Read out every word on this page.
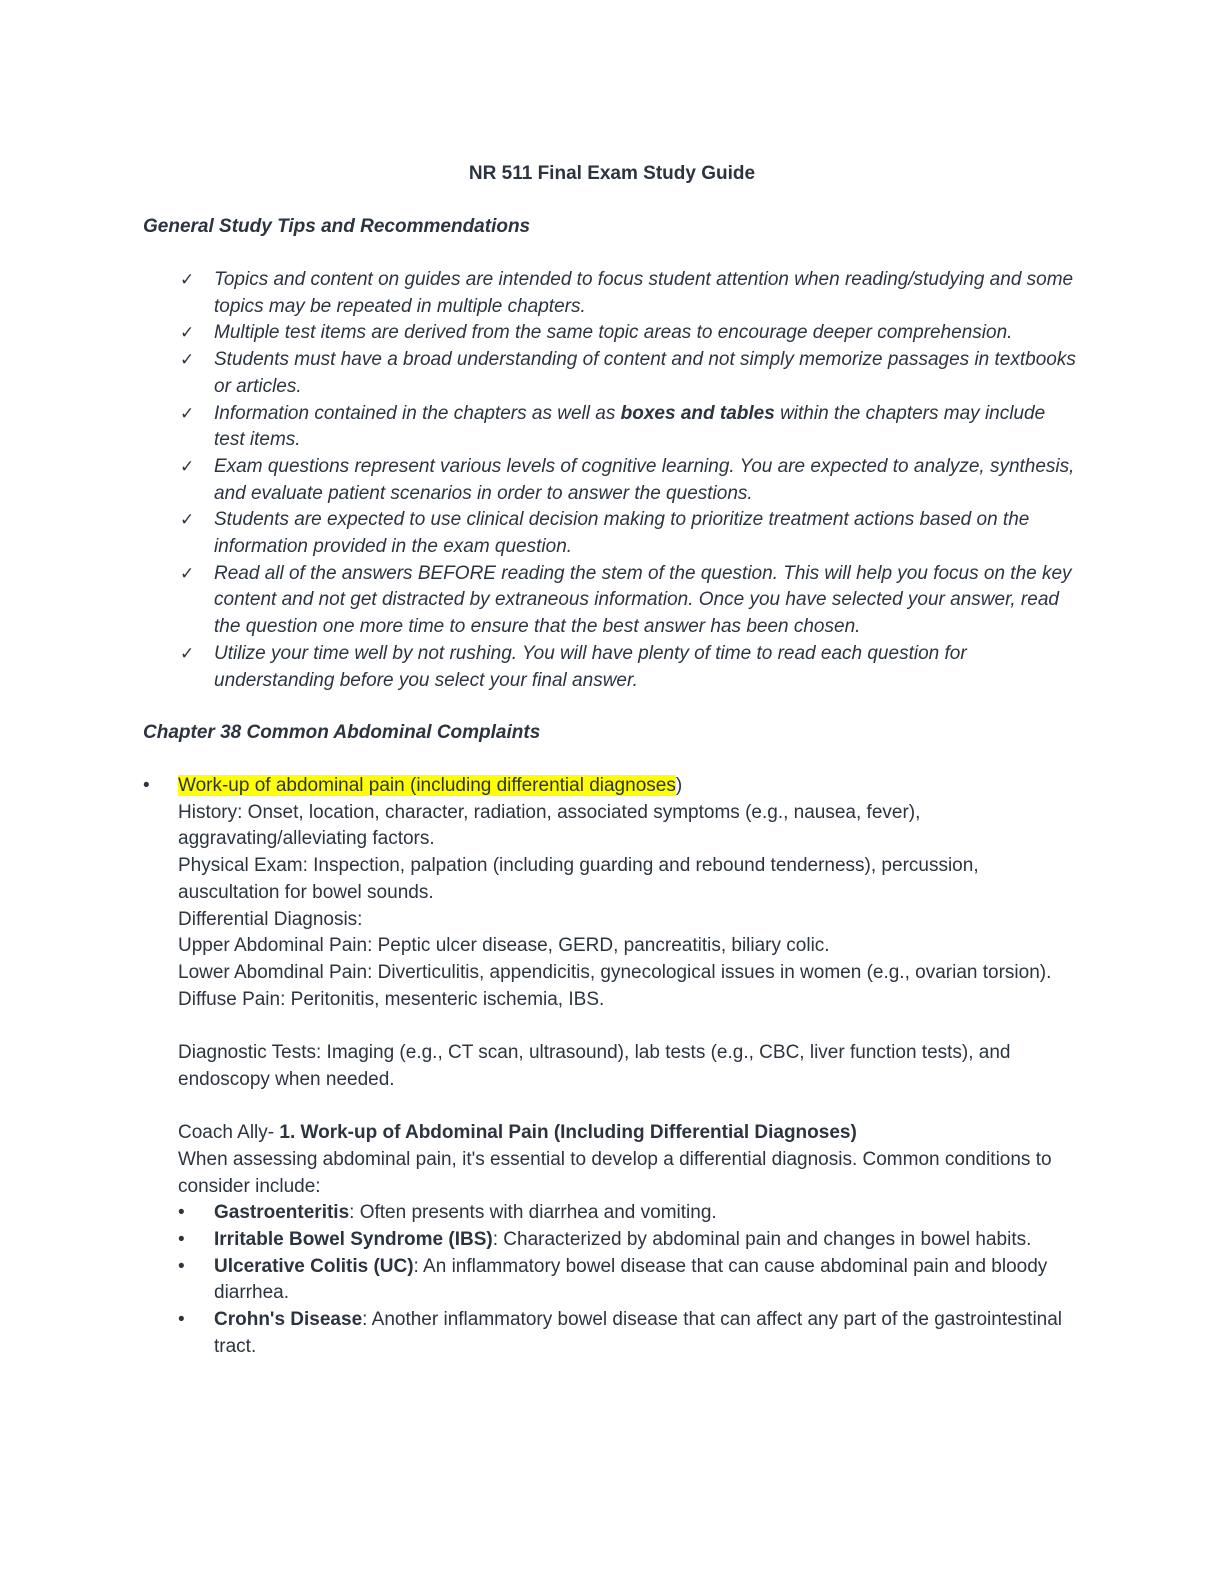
NR 511 Final Exam Study Guide
General Study Tips and Recommendations
✓ Topics and content on guides are intended to focus student attention when reading/studying and some topics may be repeated in multiple chapters.
✓ Multiple test items are derived from the same topic areas to encourage deeper comprehension.
✓ Students must have a broad understanding of content and not simply memorize passages in textbooks or articles.
✓ Information contained in the chapters as well as boxes and tables within the chapters may include test items.
✓ Exam questions represent various levels of cognitive learning. You are expected to analyze, synthesis, and evaluate patient scenarios in order to answer the questions.
✓ Students are expected to use clinical decision making to prioritize treatment actions based on the information provided in the exam question.
✓ Read all of the answers BEFORE reading the stem of the question. This will help you focus on the key content and not get distracted by extraneous information. Once you have selected your answer, read the question one more time to ensure that the best answer has been chosen.
✓ Utilize your time well by not rushing. You will have plenty of time to read each question for understanding before you select your final answer.
Chapter 38 Common Abdominal Complaints
• Work-up of abdominal pain (including differential diagnoses)
History: Onset, location, character, radiation, associated symptoms (e.g., nausea, fever), aggravating/alleviating factors.
Physical Exam: Inspection, palpation (including guarding and rebound tenderness), percussion, auscultation for bowel sounds.
Differential Diagnosis:
Upper Abdominal Pain: Peptic ulcer disease, GERD, pancreatitis, biliary colic.
Lower Abomdinal Pain: Diverticulitis, appendicitis, gynecological issues in women (e.g., ovarian torsion).
Diffuse Pain: Peritonitis, mesenteric ischemia, IBS.
Diagnostic Tests: Imaging (e.g., CT scan, ultrasound), lab tests (e.g., CBC, liver function tests), and endoscopy when needed.
Coach Ally- 1. Work-up of Abdominal Pain (Including Differential Diagnoses)
When assessing abdominal pain, it's essential to develop a differential diagnosis. Common conditions to consider include:
• Gastroenteritis: Often presents with diarrhea and vomiting.
• Irritable Bowel Syndrome (IBS): Characterized by abdominal pain and changes in bowel habits.
• Ulcerative Colitis (UC): An inflammatory bowel disease that can cause abdominal pain and bloody diarrhea.
• Crohn's Disease: Another inflammatory bowel disease that can affect any part of the gastrointestinal tract.
